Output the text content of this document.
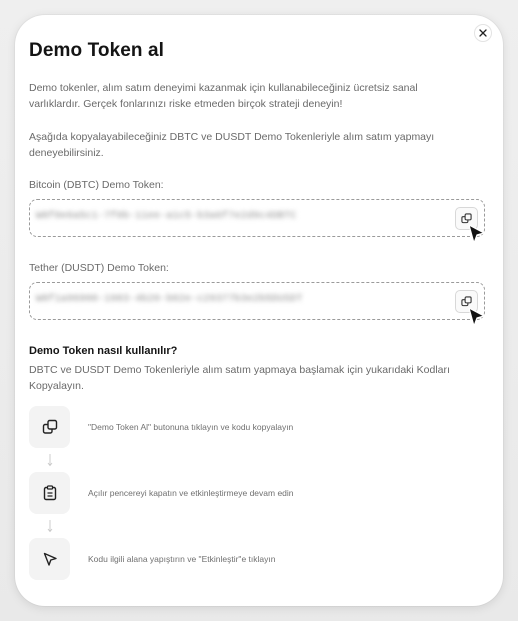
Demo Token al

Demo tokenler, alım satım deneyimi kazanmak için kullanabileceğiniz ücretsiz sanal varlıklardır. Gerçek fonlarınızı riske etmeden birçok strateji deneyin!

Aşağıda kopyalayabileceğiniz DBTC ve DUSDT Demo Tokenleriyle alım satım yapmayı deneyebilirsiniz.

Bitcoin (DBTC) Demo Token:
W8f0e6a5c1-7f0b-11ee-a1c5-b3a6f7e2d9c4DBTC
Tether (DUSDT) Demo Token:
W8f1a96900-1983-4b20-b02e-c29377b3e2b5DUSDT
Demo Token nasıl kullanılır?

DBTC ve DUSDT Demo Tokenleriyle alım satım yapmaya başlamak için yukarıdaki Kodları Kopyalayın.

"Demo Token Al" butonuna tıklayın ve kodu kopyalayın
Açılır pencereyi kapatın ve etkinleştirmeye devam edin
Kodu ilgili alana yapıştırın ve "Etkinleştir"e tıklayın
